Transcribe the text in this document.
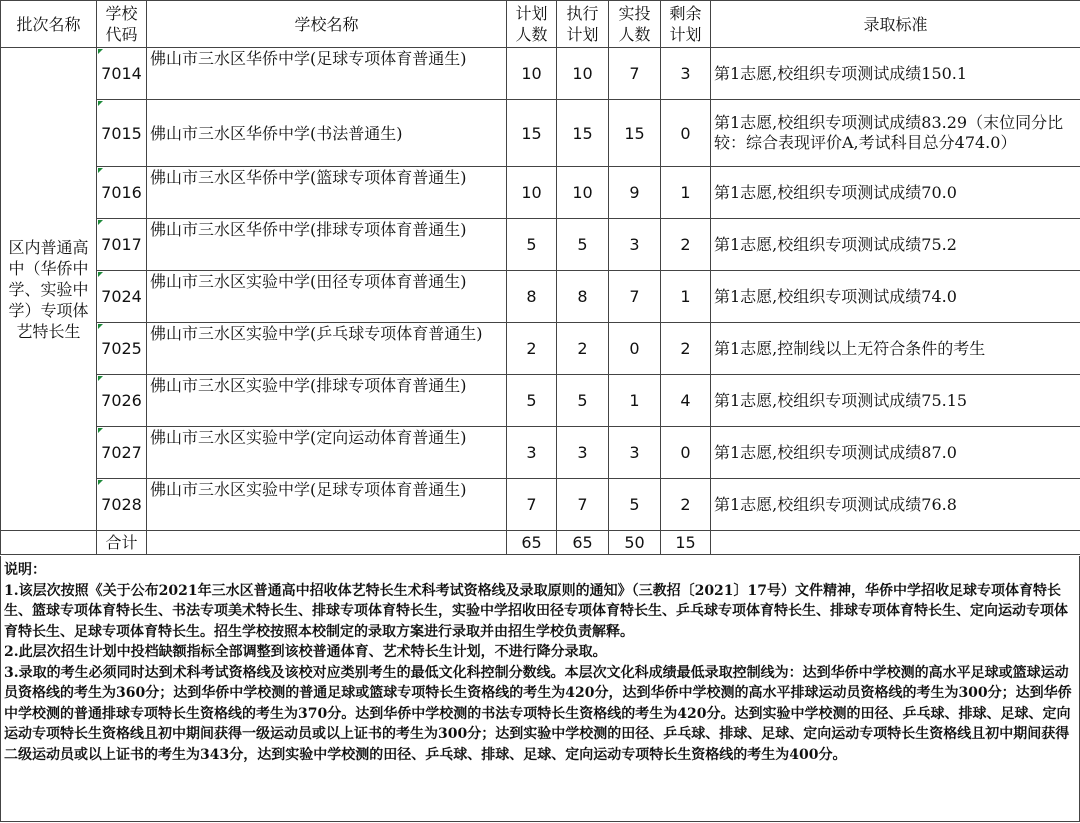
批次名称	学校代码	学校名称	计划人数	执行计划	实投人数	剩余计划	录取标准
区内普通高中（华侨中学、实验中学）专项体艺特长生	7014	佛山市三水区华侨中学(足球专项体育普通生)	10	10	7	3	第1志愿,校组织专项测试成绩150.1
	7015	佛山市三水区华侨中学(书法普通生)	15	15	15	0	第1志愿,校组织专项测试成绩83.29（末位同分比较：综合表现评价A,考试科目总分474.0）
	7016	佛山市三水区华侨中学(篮球专项体育普通生)	10	10	9	1	第1志愿,校组织专项测试成绩70.0
	7017	佛山市三水区华侨中学(排球专项体育普通生)	5	5	3	2	第1志愿,校组织专项测试成绩75.2
	7024	佛山市三水区实验中学(田径专项体育普通生)	8	8	7	1	第1志愿,校组织专项测试成绩74.0
	7025	佛山市三水区实验中学(乒乓球专项体育普通生)	2	2	0	2	第1志愿,控制线以上无符合条件的考生
	7026	佛山市三水区实验中学(排球专项体育普通生)	5	5	1	4	第1志愿,校组织专项测试成绩75.15
	7027	佛山市三水区实验中学(定向运动体育普通生)	3	3	3	0	第1志愿,校组织专项测试成绩87.0
	7028	佛山市三水区实验中学(足球专项体育普通生)	7	7	5	2	第1志愿,校组织专项测试成绩76.8
	合计		65	65	50	15	

说明：

1.该层次按照《关于公布2021年三水区普通高中招收体艺特长生术科考试资格线及录取原则的通知》（三教招〔2021〕17号）文件精神，华侨中学招收足球专项体育特长生、篮球专项体育特长生、书法专项美术特长生、排球专项体育特长生，实验中学招收田径专项体育特长生、乒乓球专项体育特长生、排球专项体育特长生、定向运动专项体育特长生、足球专项体育特长生。招生学校按照本校制定的录取方案进行录取并由招生学校负责解释。

2.此层次招生计划中投档缺额指标全部调整到该校普通体育、艺术特长生计划，不进行降分录取。

3.录取的考生必须同时达到术科考试资格线及该校对应类别考生的最低文化科控制分数线。本层次文化科成绩最低录取控制线为：达到华侨中学校测的高水平足球或篮球运动员资格线的考生为360分；达到华侨中学校测的普通足球或篮球专项特长生资格线的考生为420分，达到华侨中学校测的高水平排球运动员资格线的考生为300分；达到华侨中学校测的普通排球专项特长生资格线的考生为370分。达到华侨中学校测的书法专项特长生资格线的考生为420分。达到实验中学校测的田径、乒乓球、排球、足球、定向运动专项特长生资格线且初中期间获得一级运动员或以上证书的考生为300分；达到实验中学校测的田径、乒乓球、排球、足球、定向运动专项特长生资格线且初中期间获得二级运动员或以上证书的考生为343分，达到实验中学校测的田径、乒乓球、排球、足球、定向运动专项特长生资格线的考生为400分。
